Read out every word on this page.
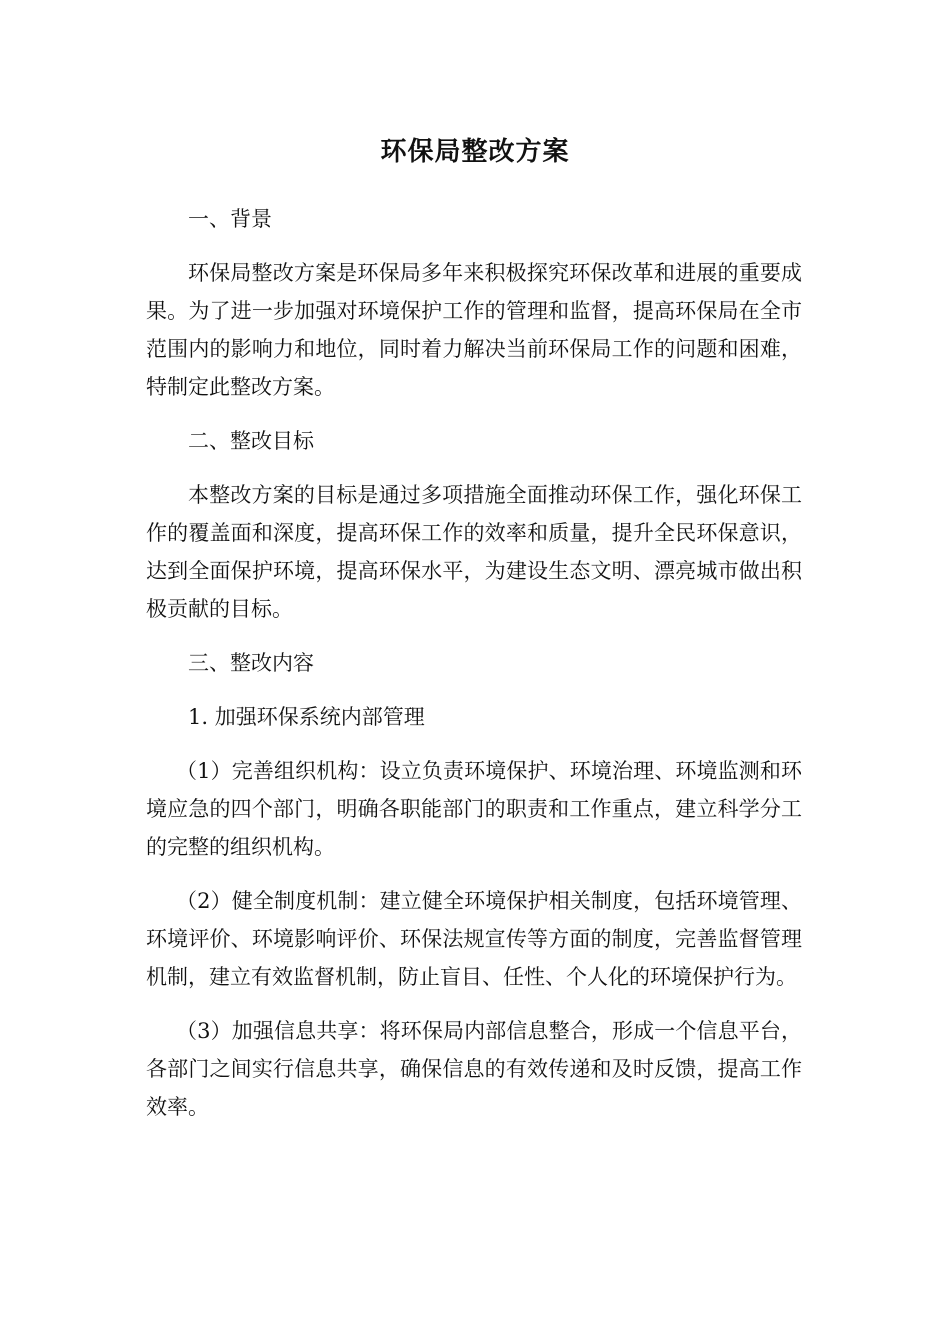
环保局整改方案

一、背景

环保局整改方案是环保局多年来积极探究环保改革和进展的重要成果。为了进一步加强对环境保护工作的管理和监督，提高环保局在全市范围内的影响力和地位，同时着力解决当前环保局工作的问题和困难，特制定此整改方案。

二、整改目标

本整改方案的目标是通过多项措施全面推动环保工作，强化环保工作的覆盖面和深度，提高环保工作的效率和质量，提升全民环保意识，达到全面保护环境，提高环保水平，为建设生态文明、漂亮城市做出积极贡献的目标。

三、整改内容

1. 加强环保系统内部管理

（1）完善组织机构：设立负责环境保护、环境治理、环境监测和环境应急的四个部门，明确各职能部门的职责和工作重点，建立科学分工的完整的组织机构。

（2）健全制度机制：建立健全环境保护相关制度，包括环境管理、环境评价、环境影响评价、环保法规宣传等方面的制度，完善监督管理机制，建立有效监督机制，防止盲目、任性、个人化的环境保护行为。

（3）加强信息共享：将环保局内部信息整合，形成一个信息平台，各部门之间实行信息共享，确保信息的有效传递和及时反馈，提高工作效率。
